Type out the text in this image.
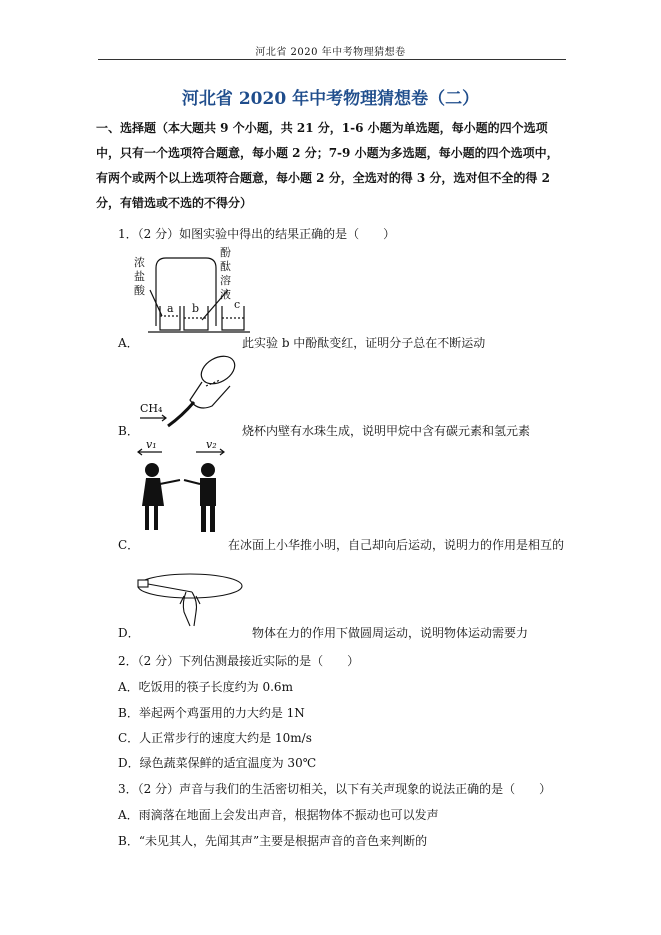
河北省 2020 年中考物理猜想卷
河北省 2020 年中考物理猜想卷（二）
一、选择题（本大题共 9 个小题，共 21 分，1-6 小题为单选题，每小题的四个选项中，只有一个选项符合题意，每小题 2 分；7-9 小题为多选题，每小题的四个选项中，有两个或两个以上选项符合题意，每小题 2 分，全选对的得 3 分，选对但不全的得 2 分，有错选或不选的不得分）
1．（2 分）如图实验中得出的结果正确的是（　　）
浓
盐
酸
酚
酞
溶
液
a b	c
A．	此实验 b 中酚酞变红，证明分子总在不断运动
CH₄
B．	烧杯内壁有水珠生成，说明甲烷中含有碳元素和氢元素
v₁	v₂
C．	在冰面上小华推小明，自己却向后运动，说明力的作用是相互的
D．	物体在力的作用下做圆周运动，说明物体运动需要力
2．（2 分）下列估测最接近实际的是（　　）
A．吃饭用的筷子长度约为 0.6m
B．举起两个鸡蛋用的力大约是 1N
C．人正常步行的速度大约是 10m/s
D．绿色蔬菜保鲜的适宜温度为 30℃
3．（2 分）声音与我们的生活密切相关，以下有关声现象的说法正确的是（　　）
A．雨滴落在地面上会发出声音，根据物体不振动也可以发声
B．“未见其人，先闻其声”主要是根据声音的音色来判断的
